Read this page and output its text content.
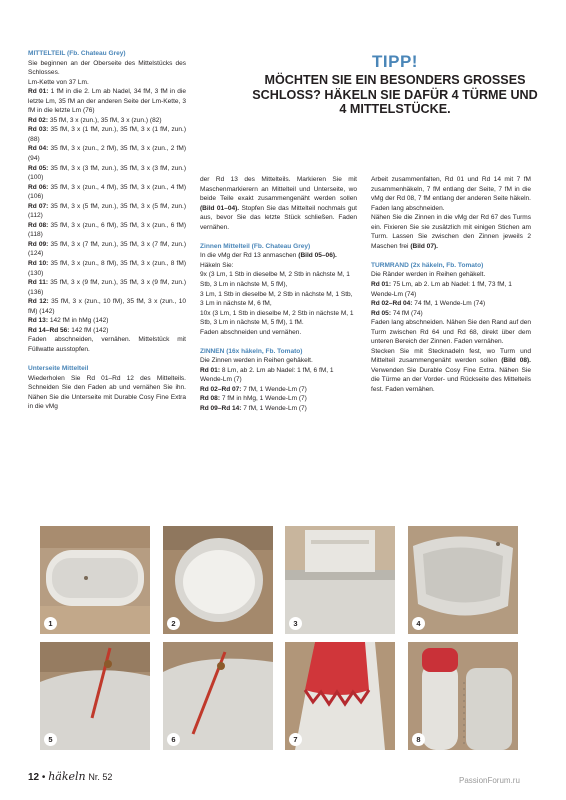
TIPP!
MÖCHTEN SIE EIN BESONDERS GROSSES SCHLOSS? HÄKELN SIE DAFÜR 4 TÜRME UND 4 MITTELSTÜCKE.

MITTELTEIL (Fb. Chateau Grey)

Sie beginnen an der Oberseite des Mittelstücks des Schlosses.

Lm-Kette von 37 Lm.

Rd 01: 1 fM in die 2. Lm ab Nadel, 34 fM, 3 fM in die letzte Lm, 35 fM an der anderen Seite der Lm-Kette, 3 fM in die letzte Lm (76)

Rd 02: 35 fM, 3 x (zun.), 35 fM, 3 x (zun.) (82)

Rd 03: 35 fM, 3 x (1 fM, zun.), 35 fM, 3 x (1 fM, zun.) (88)

Rd 04: 35 fM, 3 x (zun., 2 fM), 35 fM, 3 x (zun., 2 fM) (94)

Rd 05: 35 fM, 3 x (3 fM, zun.), 35 fM, 3 x (3 fM, zun.) (100)

Rd 06: 35 fM, 3 x (zun., 4 fM), 35 fM, 3 x (zun., 4 fM) (106)

Rd 07: 35 fM, 3 x (5 fM, zun.), 35 fM, 3 x (5 fM, zun.) (112)

Rd 08: 35 fM, 3 x (zun., 6 fM), 35 fM, 3 x (zun., 6 fM) (118)

Rd 09: 35 fM, 3 x (7 fM, zun.), 35 fM, 3 x (7 fM, zun.) (124)

Rd 10: 35 fM, 3 x (zun., 8 fM), 35 fM, 3 x (zun., 8 fM) (130)

Rd 11: 35 fM, 3 x (9 fM, zun.), 35 fM, 3 x (9 fM, zun.) (136)

Rd 12: 35 fM, 3 x (zun., 10 fM), 35 fM, 3 x (zun., 10 fM) (142)

Rd 13: 142 fM in hMg (142)

Rd 14–Rd 56: 142 fM (142)

Faden abschneiden, vernähen. Mittelstück mit Füllwatte ausstopfen.

Unterseite Mittelteil

Wiederholen Sie Rd 01–Rd 12 des Mittelteils. Schneiden Sie den Faden ab und vernähen Sie ihn. Nähen Sie die Unterseite mit Durable Cosy Fine Extra in die vMg

der Rd 13 des Mittelteils. Markieren Sie mit Maschenmarkierern an Mittelteil und Unterseite, wo beide Teile exakt zusammengenäht werden sollen (Bild 01–04). Stopfen Sie das Mittelteil nochmals gut aus, bevor Sie das letzte Stück schließen. Faden vernähen.

Zinnen Mittelteil (Fb. Chateau Grey)

In die vMg der Rd 13 anmaschen (Bild 05–06).

Häkeln Sie:

9x (3 Lm, 1 Stb in dieselbe M, 2 Stb in nächste M, 1 Stb, 3 Lm in nächste M, 5 fM),

3 Lm, 1 Stb in dieselbe M, 2 Stb in nächste M, 1 Stb, 3 Lm in nächste M, 6 fM,

10x (3 Lm, 1 Stb in dieselbe M, 2 Stb in nächste M, 1 Stb, 3 Lm in nächste M, 5 fM), 1 fM.

Faden abschneiden und vernähen.

ZINNEN (16x häkeln, Fb. Tomato)

Die Zinnen werden in Reihen gehäkelt.

Rd 01: 8 Lm, ab 2. Lm ab Nadel: 1 fM, 6 fM, 1 Wende-Lm (7)

Rd 02–Rd 07: 7 fM, 1 Wende-Lm (7)

Rd 08: 7 fM in hMg, 1 Wende-Lm (7)

Rd 09–Rd 14: 7 fM, 1 Wende-Lm (7)

Arbeit zusammenfalten, Rd 01 und Rd 14 mit 7 fM zusammenhäkeln, 7 fM entlang der Seite, 7 fM in die vMg der Rd 08, 7 fM entlang der anderen Seite häkeln. Faden lang abschneiden.

Nähen Sie die Zinnen in die vMg der Rd 67 des Turms ein. Fixieren Sie sie zusätzlich mit einigen Stichen am Turm. Lassen Sie zwischen den Zinnen jeweils 2 Maschen frei (Bild 07).

TURMRAND (2x häkeln, Fb. Tomato)

Die Ränder werden in Reihen gehäkelt.

Rd 01: 75 Lm, ab 2. Lm ab Nadel: 1 fM, 73 fM, 1 Wende-Lm (74)

Rd 02–Rd 04: 74 fM, 1 Wende-Lm (74)

Rd 05: 74 fM (74)

Faden lang abschneiden. Nähen Sie den Rand auf den Turm zwischen Rd 64 und Rd 68, direkt über dem unteren Bereich der Zinnen. Faden vernähen.

Stecken Sie mit Stecknadeln fest, wo Turm und Mittelteil zusammengenäht werden sollen (Bild 08). Verwenden Sie Durable Cosy Fine Extra. Nähen Sie die Türme an der Vorder- und Rückseite des Mittelteils fest. Faden vernähen.

1	2	3	4
5	6	7	8
12 • häkeln Nr. 52	PassionForum.ru
